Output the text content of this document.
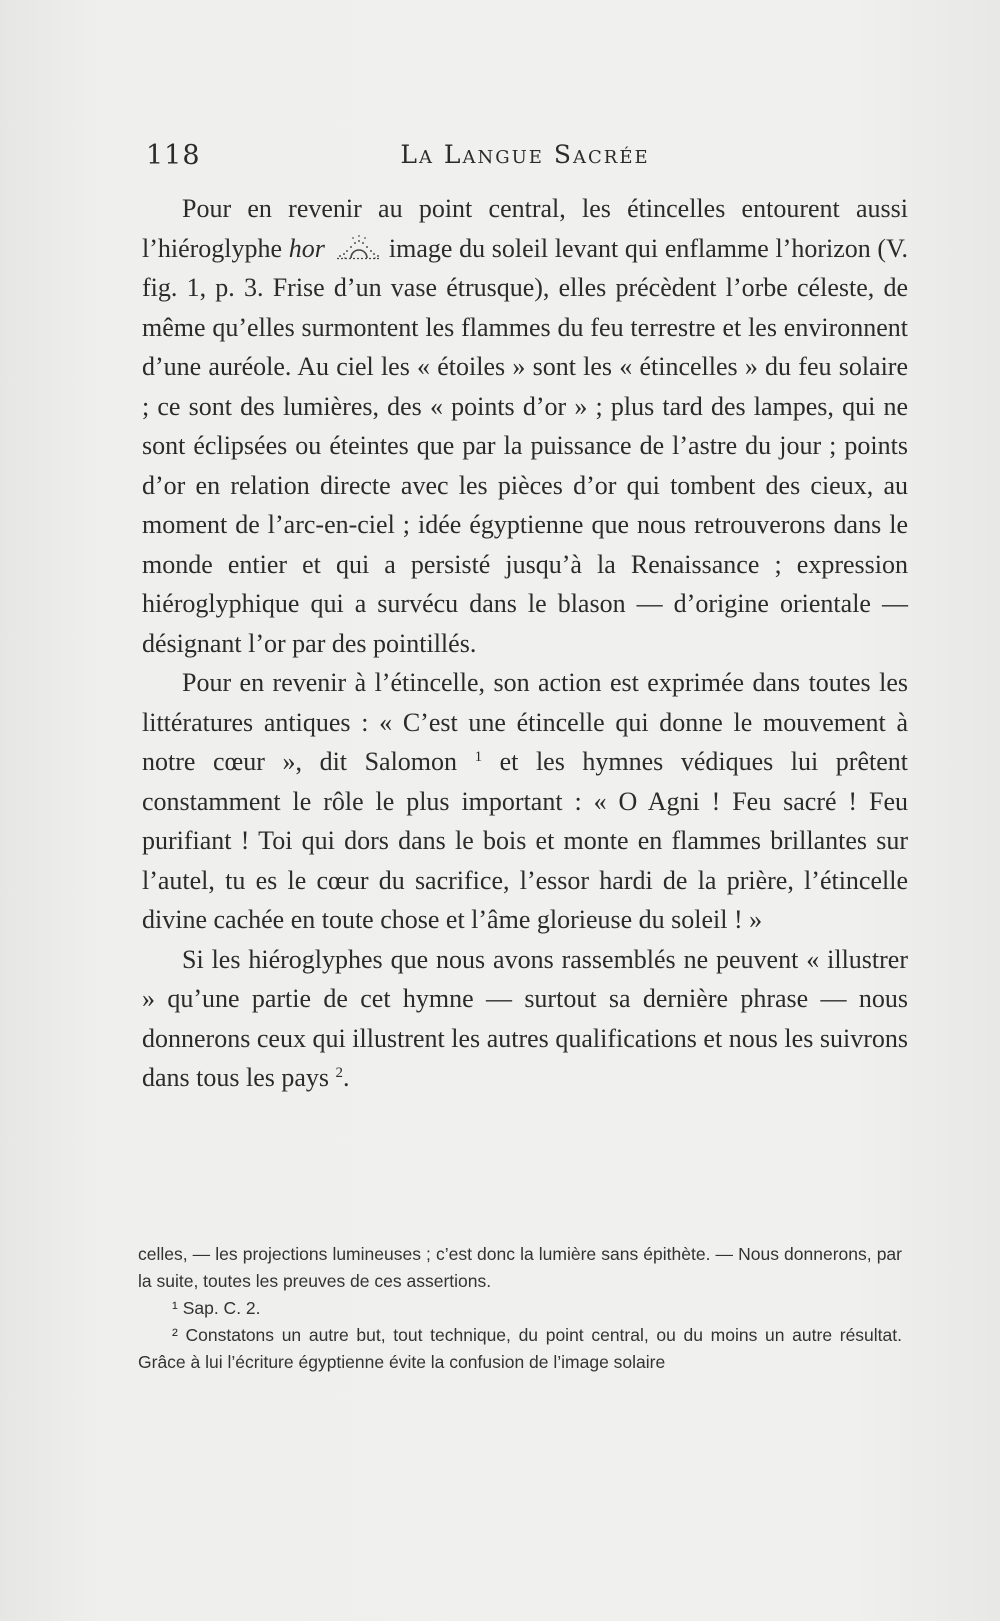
118	La Langue Sacrée

Pour en revenir au point central, les étincelles entourent aussi l’hiéroglyphe hor image du soleil levant qui enflamme l’horizon (V. fig. 1, p. 3. Frise d’un vase étrusque), elles précèdent l’orbe céleste, de même qu’elles surmontent les flammes du feu terrestre et les environnent d’une auréole. Au ciel les « étoiles » sont les « étincelles » du feu solaire ; ce sont des lumières, des « points d’or » ; plus tard des lampes, qui ne sont éclipsées ou éteintes que par la puissance de l’astre du jour ; points d’or en relation directe avec les pièces d’or qui tombent des cieux, au moment de l’arc-en-ciel ; idée égyptienne que nous retrouverons dans le monde entier et qui a persisté jusqu’à la Renaissance ; expression hiéroglyphique qui a survécu dans le blason — d’origine orientale — désignant l’or par des pointillés.

Pour en revenir à l’étincelle, son action est exprimée dans toutes les littératures antiques : « C’est une étincelle qui donne le mouvement à notre cœur », dit Salomon $^1$ et les hymnes védiques lui prêtent constamment le rôle le plus important : « O Agni ! Feu sacré ! Feu purifiant ! Toi qui dors dans le bois et monte en flammes brillantes sur l’autel, tu es le cœur du sacrifice, l’essor hardi de la prière, l’étincelle divine cachée en toute chose et l’âme glorieuse du soleil ! »

Si les hiéroglyphes que nous avons rassemblés ne peuvent « illustrer » qu’une partie de cet hymne — surtout sa dernière phrase — nous donnerons ceux qui illustrent les autres qualifications et nous les suivrons dans tous les pays $^2$.

celles, — les projections lumineuses ; c’est donc la lumière sans épithète. — Nous donnerons, par la suite, toutes les preuves de ces assertions.

¹ Sap. C. 2.

² Constatons un autre but, tout technique, du point central, ou du moins un autre résultat. Grâce à lui l’écriture égyptienne évite la confusion de l’image solaire
